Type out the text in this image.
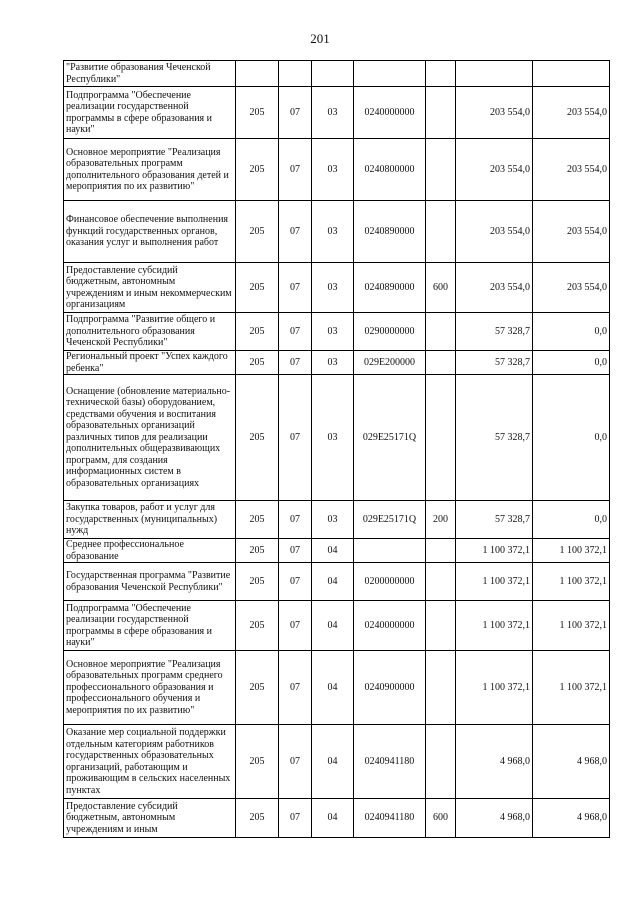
201
"Развитие образования Чеченской Республики"							
Подпрограмма "Обеспечение реализации государственной программы в сфере образования и науки"	205	07	03	0240000000		203 554,0	203 554,0
Основное мероприятие "Реализация образовательных программ дополнительного образования детей и мероприятия по их развитию"	205	07	03	0240800000		203 554,0	203 554,0
Финансовое обеспечение выполнения функций государственных органов, оказания услуг и выполнения работ	205	07	03	0240890000		203 554,0	203 554,0
Предоставление субсидий бюджетным, автономным учреждениям и иным некоммерческим организациям	205	07	03	0240890000	600	203 554,0	203 554,0
Подпрограмма "Развитие общего и дополнительного образования Чеченской Республики"	205	07	03	0290000000		57 328,7	0,0
Региональный проект "Успех каждого ребенка"	205	07	03	029E200000		57 328,7	0,0
Оснащение (обновление материально-технической базы) оборудованием, средствами обучения и воспитания образовательных организаций различных типов для реализации дополнительных общеразвивающих программ, для создания информационных систем в образовательных организациях	205	07	03	029E25171Q		57 328,7	0,0
Закупка товаров, работ и услуг для государственных (муниципальных) нужд	205	07	03	029E25171Q	200	57 328,7	0,0
Среднее профессиональное образование	205	07	04			1 100 372,1	1 100 372,1
Государственная программа "Развитие образования Чеченской Республики"	205	07	04	0200000000		1 100 372,1	1 100 372,1
Подпрограмма "Обеспечение реализации государственной программы в сфере образования и науки"	205	07	04	0240000000		1 100 372,1	1 100 372,1
Основное мероприятие "Реализация образовательных программ среднего профессионального образования и профессионального обучения и мероприятия по их развитию"	205	07	04	0240900000		1 100 372,1	1 100 372,1
Оказание мер социальной поддержки отдельным категориям работников государственных образовательных организаций, работающим и проживающим в сельских населенных пунктах	205	07	04	0240941180		4 968,0	4 968,0
Предоставление субсидий бюджетным, автономным учреждениям и иным	205	07	04	0240941180	600	4 968,0	4 968,0
